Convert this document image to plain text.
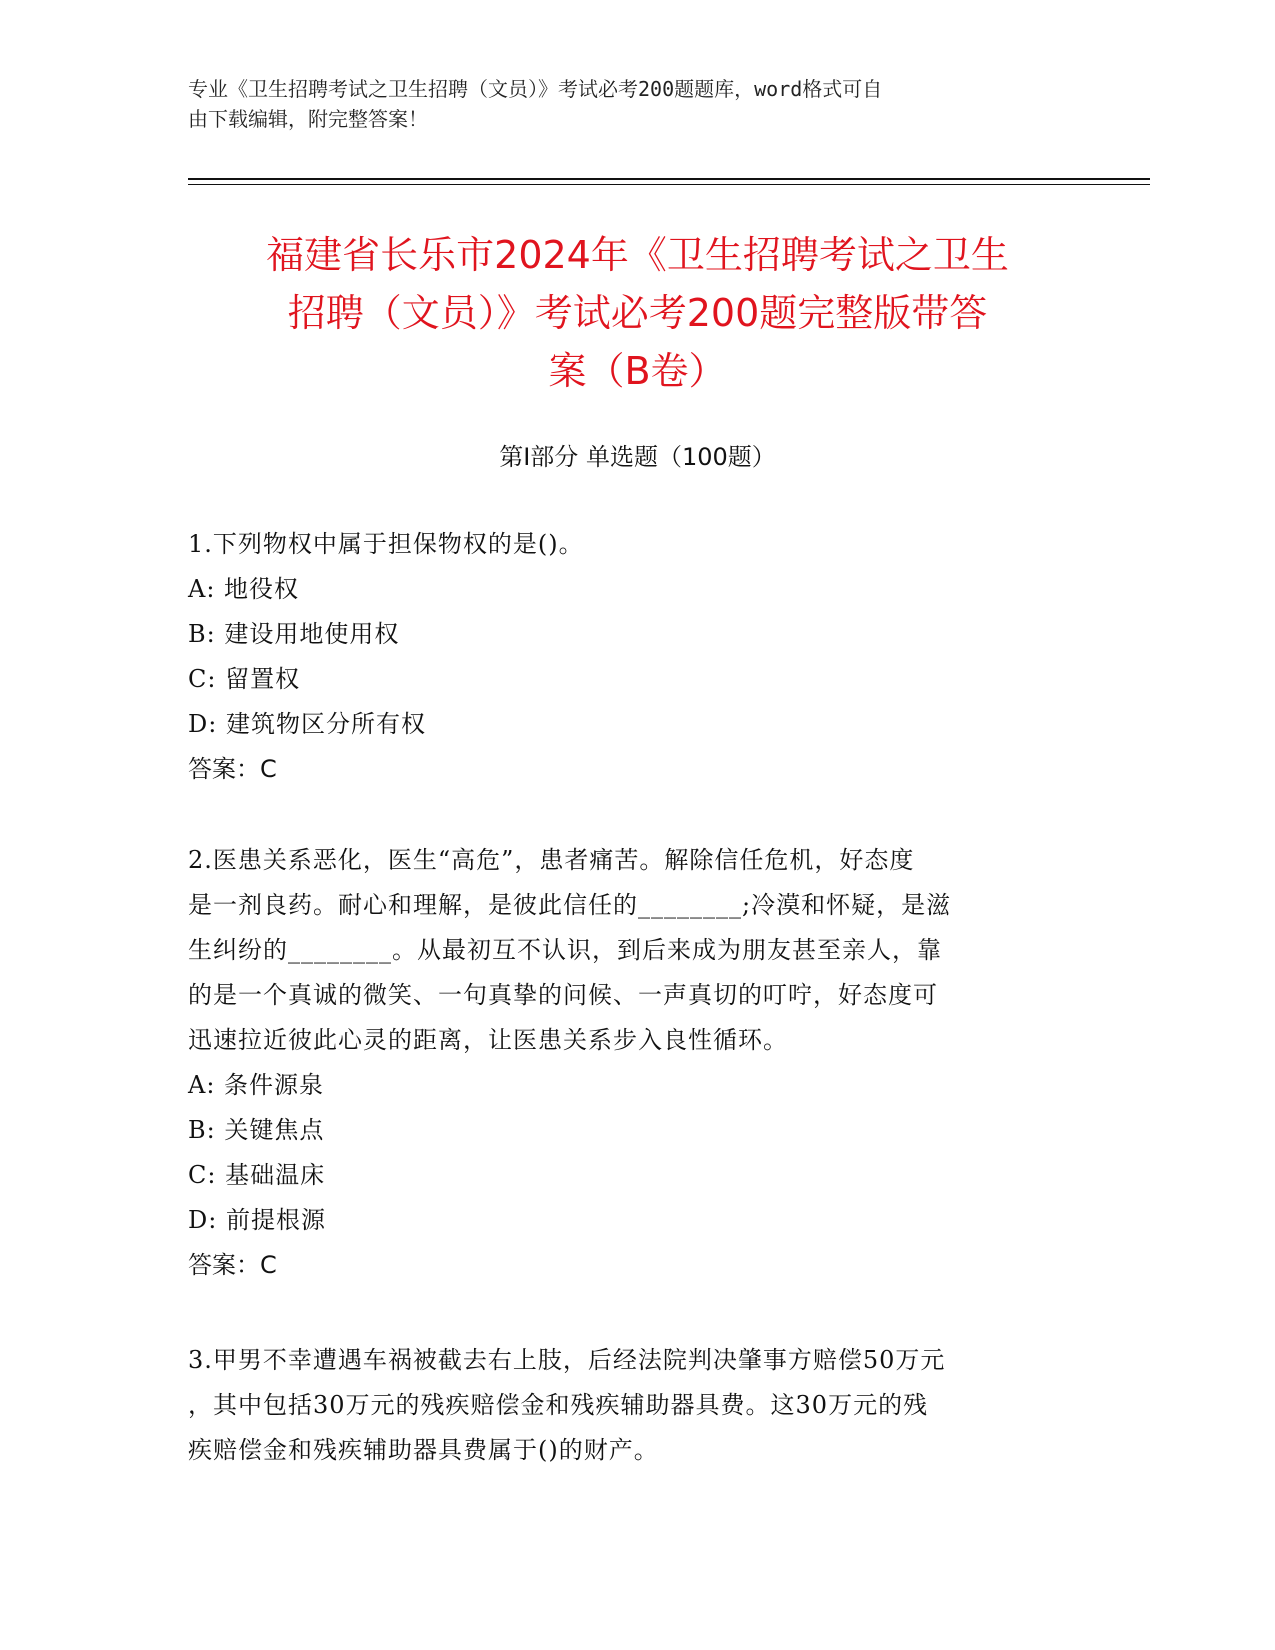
专业《卫生招聘考试之卫生招聘（文员）》考试必考200题题库，word格式可自
由下载编辑，附完整答案！
福建省长乐市2024年《卫生招聘考试之卫生
招聘（文员）》考试必考200题完整版带答
案（B卷）
第I部分 单选题（100题）
1.下列物权中属于担保物权的是()。
A: 地役权
B: 建设用地使用权
C: 留置权
D: 建筑物区分所有权
答案：C
2.医患关系恶化，医生“高危”，患者痛苦。解除信任危机，好态度
是一剂良药。耐心和理解，是彼此信任的________;冷漠和怀疑，是滋
生纠纷的________。从最初互不认识，到后来成为朋友甚至亲人，靠
的是一个真诚的微笑、一句真挚的问候、一声真切的叮咛，好态度可
迅速拉近彼此心灵的距离，让医患关系步入良性循环。
A: 条件源泉
B: 关键焦点
C: 基础温床
D: 前提根源
答案：C
3.甲男不幸遭遇车祸被截去右上肢，后经法院判决肇事方赔偿50万元
，其中包括30万元的残疾赔偿金和残疾辅助器具费。这30万元的残
疾赔偿金和残疾辅助器具费属于()的财产。
